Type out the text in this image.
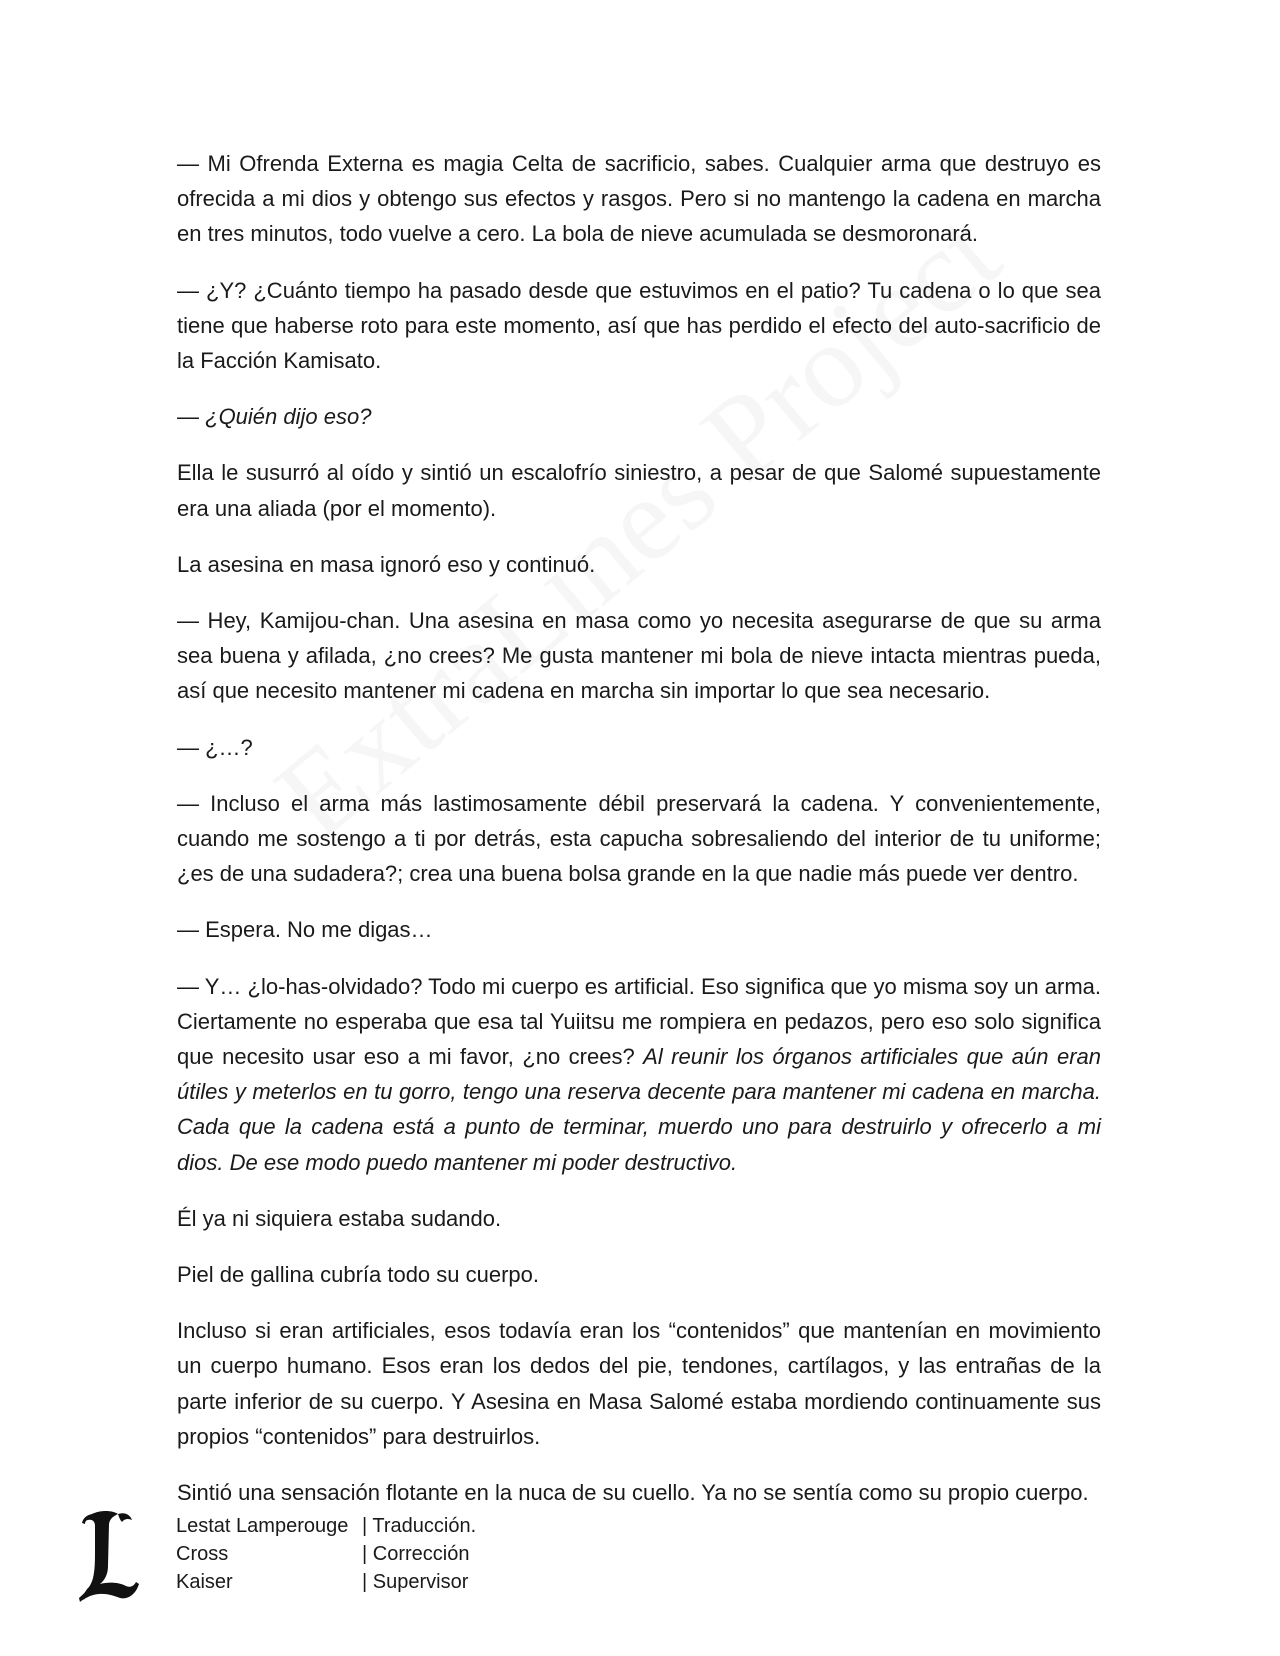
— Mi Ofrenda Externa es magia Celta de sacrificio, sabes. Cualquier arma que destruyo es ofrecida a mi dios y obtengo sus efectos y rasgos. Pero si no mantengo la cadena en marcha en tres minutos, todo vuelve a cero. La bola de nieve acumulada se desmoronará.

— ¿Y? ¿Cuánto tiempo ha pasado desde que estuvimos en el patio? Tu cadena o lo que sea tiene que haberse roto para este momento, así que has perdido el efecto del auto-sacrificio de la Facción Kamisato.

— ¿Quién dijo eso?

Ella le susurró al oído y sintió un escalofrío siniestro, a pesar de que Salomé supuestamente era una aliada (por el momento).

La asesina en masa ignoró eso y continuó.

— Hey, Kamijou-chan. Una asesina en masa como yo necesita asegurarse de que su arma sea buena y afilada, ¿no crees? Me gusta mantener mi bola de nieve intacta mientras pueda, así que necesito mantener mi cadena en marcha sin importar lo que sea necesario.

— ¿…?

— Incluso el arma más lastimosamente débil preservará la cadena. Y convenientemente, cuando me sostengo a ti por detrás, esta capucha sobresaliendo del interior de tu uniforme; ¿es de una sudadera?; crea una buena bolsa grande en la que nadie más puede ver dentro.

— Espera. No me digas…

— Y… ¿lo-has-olvidado? Todo mi cuerpo es artificial. Eso significa que yo misma soy un arma. Ciertamente no esperaba que esa tal Yuiitsu me rompiera en pedazos, pero eso solo significa que necesito usar eso a mi favor, ¿no crees? Al reunir los órganos artificiales que aún eran útiles y meterlos en tu gorro, tengo una reserva decente para mantener mi cadena en marcha. Cada que la cadena está a punto de terminar, muerdo uno para destruirlo y ofrecerlo a mi dios. De ese modo puedo mantener mi poder destructivo.

Él ya ni siquiera estaba sudando.

Piel de gallina cubría todo su cuerpo.

Incluso si eran artificiales, esos todavía eran los “contenidos” que mantenían en movimiento un cuerpo humano. Esos eran los dedos del pie, tendones, cartílagos, y las entrañas de la parte inferior de su cuerpo. Y Asesina en Masa Salomé estaba mordiendo continuamente sus propios “contenidos” para destruirlos.

Sintió una sensación flotante en la nuca de su cuello. Ya no se sentía como su propio cuerpo.

Lestat Lamperouge | Traducción.
Cross	| Corrección
Kaiser	| Supervisor
